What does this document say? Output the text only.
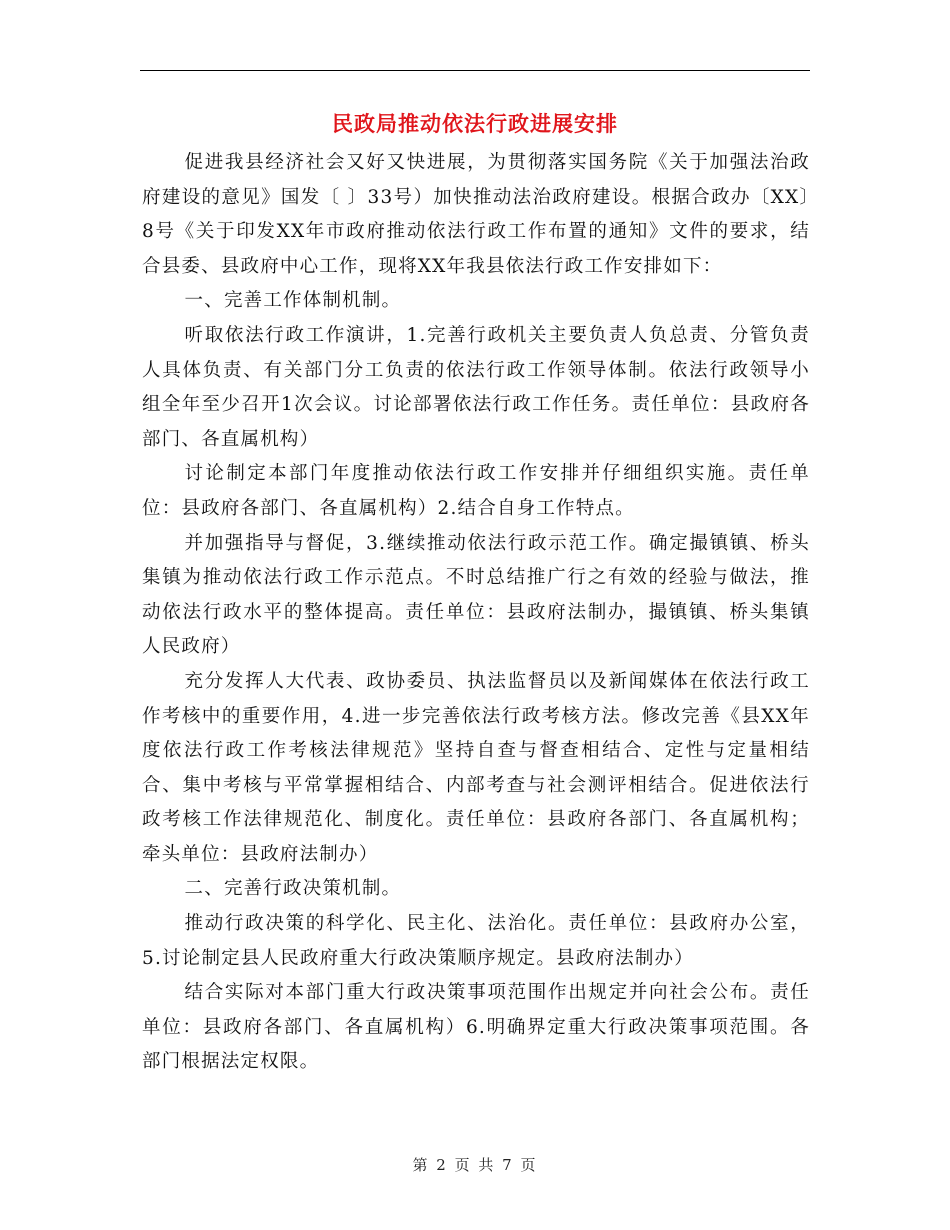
民政局推动依法行政进展安排

促进我县经济社会又好又快进展，为贯彻落实国务院《关于加强法治政府建设的意见》国发〔 〕33号）加快推动法治政府建设。根据合政办〔XX〕8号《关于印发XX年市政府推动依法行政工作布置的通知》文件的要求，结合县委、县政府中心工作，现将XX年我县依法行政工作安排如下：

一、完善工作体制机制。

听取依法行政工作演讲，1.完善行政机关主要负责人负总责、分管负责人具体负责、有关部门分工负责的依法行政工作领导体制。依法行政领导小组全年至少召开1次会议。讨论部署依法行政工作任务。责任单位：县政府各部门、各直属机构）

讨论制定本部门年度推动依法行政工作安排并仔细组织实施。责任单位：县政府各部门、各直属机构）2.结合自身工作特点。

并加强指导与督促，3.继续推动依法行政示范工作。确定撮镇镇、桥头集镇为推动依法行政工作示范点。不时总结推广行之有效的经验与做法，推动依法行政水平的整体提高。责任单位：县政府法制办，撮镇镇、桥头集镇人民政府）

充分发挥人大代表、政协委员、执法监督员以及新闻媒体在依法行政工作考核中的重要作用，4.进一步完善依法行政考核方法。修改完善《县XX年度依法行政工作考核法律规范》坚持自查与督查相结合、定性与定量相结合、集中考核与平常掌握相结合、内部考查与社会测评相结合。促进依法行政考核工作法律规范化、制度化。责任单位：县政府各部门、各直属机构；牵头单位：县政府法制办）

二、完善行政决策机制。

推动行政决策的科学化、民主化、法治化。责任单位：县政府办公室，5.讨论制定县人民政府重大行政决策顺序规定。县政府法制办）

结合实际对本部门重大行政决策事项范围作出规定并向社会公布。责任单位：县政府各部门、各直属机构）6.明确界定重大行政决策事项范围。各部门根据法定权限。

第 2 页 共 7 页
